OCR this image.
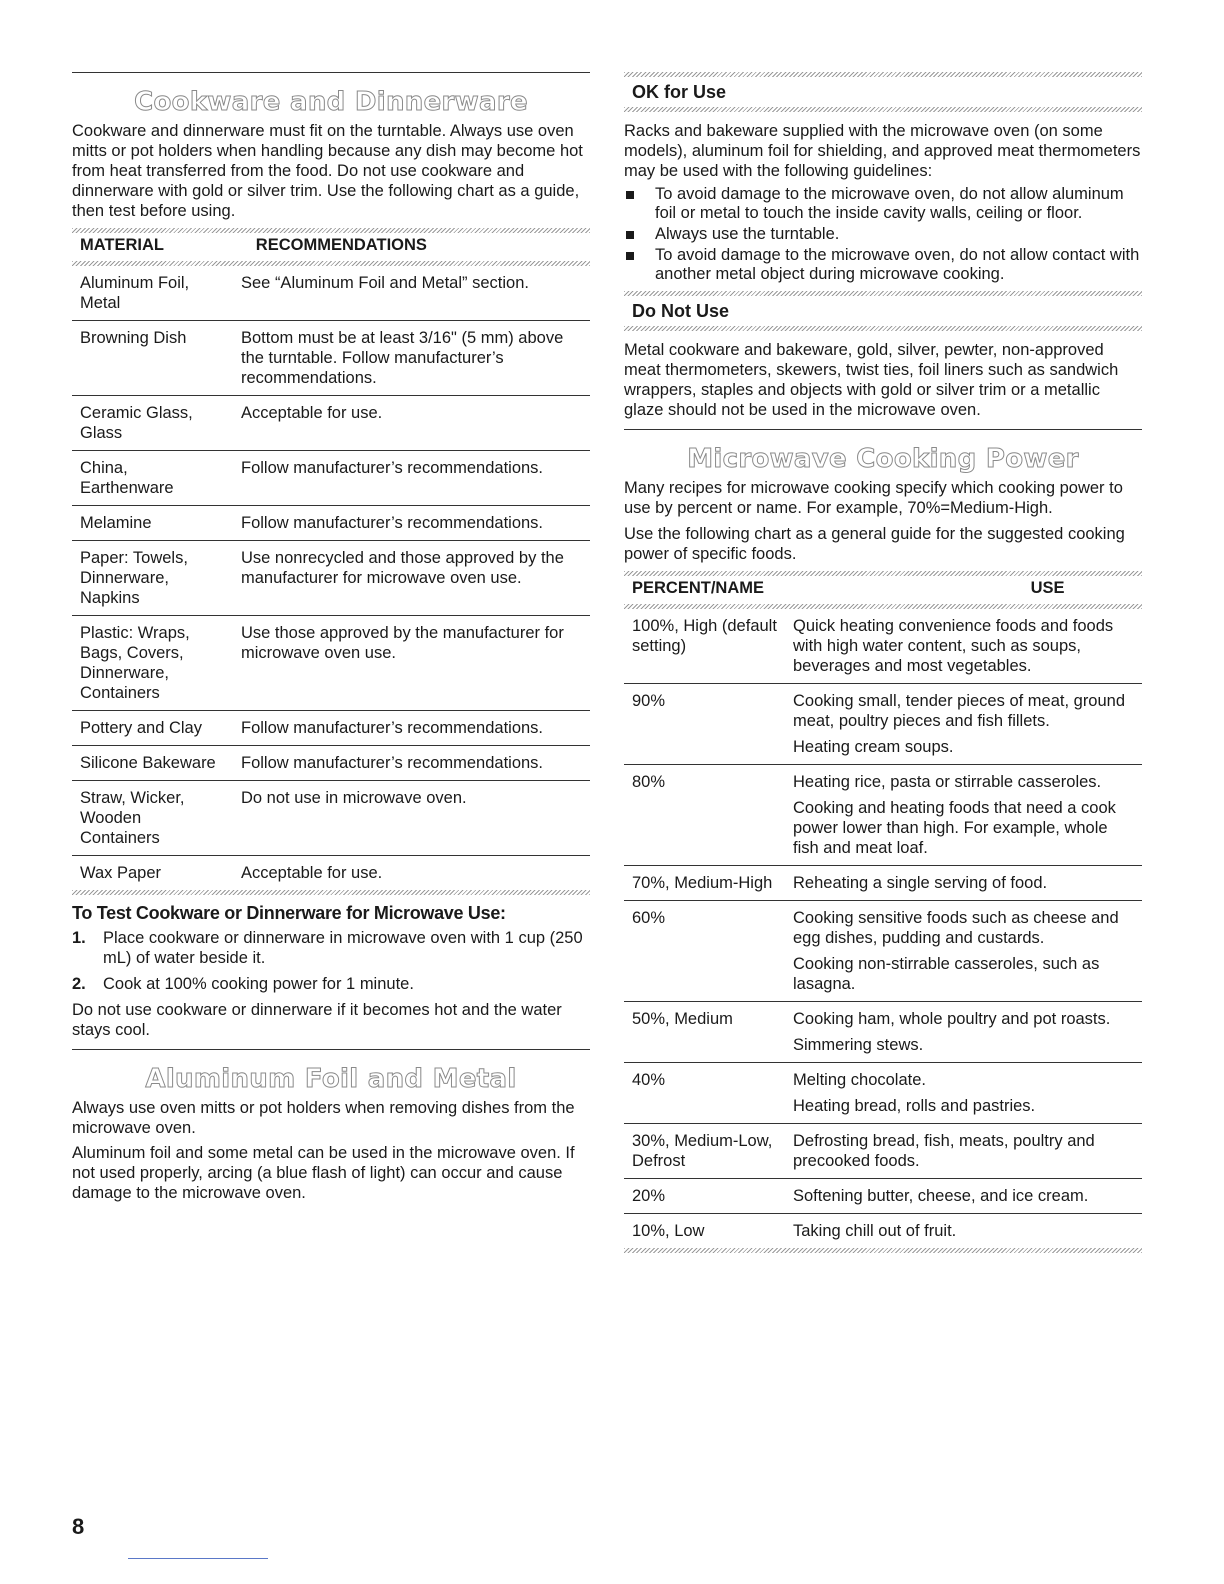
Cookware and Dinnerware

Cookware and dinnerware must fit on the turntable. Always use oven mitts or pot holders when handling because any dish may become hot from heat transferred from the food. Do not use cookware and dinnerware with gold or silver trim. Use the following chart as a guide, then test before using.

MATERIAL	RECOMMENDATIONS
Aluminum Foil, Metal	See “Aluminum Foil and Metal” section.
Browning Dish	Bottom must be at least 3/16" (5 mm) above the turntable. Follow manufacturer’s recommendations.
Ceramic Glass, Glass	Acceptable for use.
China, Earthenware	Follow manufacturer’s recommendations.
Melamine	Follow manufacturer’s recommendations.
Paper: Towels, Dinnerware, Napkins	Use nonrecycled and those approved by the manufacturer for microwave oven use.
Plastic: Wraps, Bags, Covers, Dinnerware, Containers	Use those approved by the manufacturer for microwave oven use.
Pottery and Clay	Follow manufacturer’s recommendations.
Silicone Bakeware	Follow manufacturer’s recommendations.
Straw, Wicker, Wooden Containers	Do not use in microwave oven.
Wax Paper	Acceptable for use.
To Test Cookware or Dinnerware for Microwave Use:
1. Place cookware or dinnerware in microwave oven with 1 cup (250 mL) of water beside it.
2. Cook at 100% cooking power for 1 minute.

Do not use cookware or dinnerware if it becomes hot and the water stays cool.

Aluminum Foil and Metal

Always use oven mitts or pot holders when removing dishes from the microwave oven.

Aluminum foil and some metal can be used in the microwave oven. If not used properly, arcing (a blue flash of light) can occur and cause damage to the microwave oven.

OK for Use

Racks and bakeware supplied with the microwave oven (on some models), aluminum foil for shielding, and approved meat thermometers may be used with the following guidelines:

To avoid damage to the microwave oven, do not allow aluminum foil or metal to touch the inside cavity walls, ceiling or floor.
Always use the turntable.
To avoid damage to the microwave oven, do not allow contact with another metal object during microwave cooking.
Do Not Use

Metal cookware and bakeware, gold, silver, pewter, non-approved meat thermometers, skewers, twist ties, foil liners such as sandwich wrappers, staples and objects with gold or silver trim or a metallic glaze should not be used in the microwave oven.

Microwave Cooking Power

Many recipes for microwave cooking specify which cooking power to use by percent or name. For example, 70%=Medium-High.

Use the following chart as a general guide for the suggested cooking power of specific foods.

PERCENT/NAME	USE
100%, High (default setting)	Quick heating convenience foods and foods with high water content, such as soups, beverages and most vegetables.

90%	Cooking small, tender pieces of meat, ground meat, poultry pieces and fish fillets.

Heating cream soups.

80%	Heating rice, pasta or stirrable casseroles.

Cooking and heating foods that need a cook power lower than high. For example, whole fish and meat loaf.

70%, Medium-High	Reheating a single serving of food.

60%	Cooking sensitive foods such as cheese and egg dishes, pudding and custards.

Cooking non-stirrable casseroles, such as lasagna.

50%, Medium	Cooking ham, whole poultry and pot roasts.

Simmering stews.

40%	Melting chocolate.

Heating bread, rolls and pastries.

30%, Medium-Low, Defrost	Defrosting bread, fish, meats, poultry and precooked foods.

20%	Softening butter, cheese, and ice cream.

10%, Low	Taking chill out of fruit.

8
